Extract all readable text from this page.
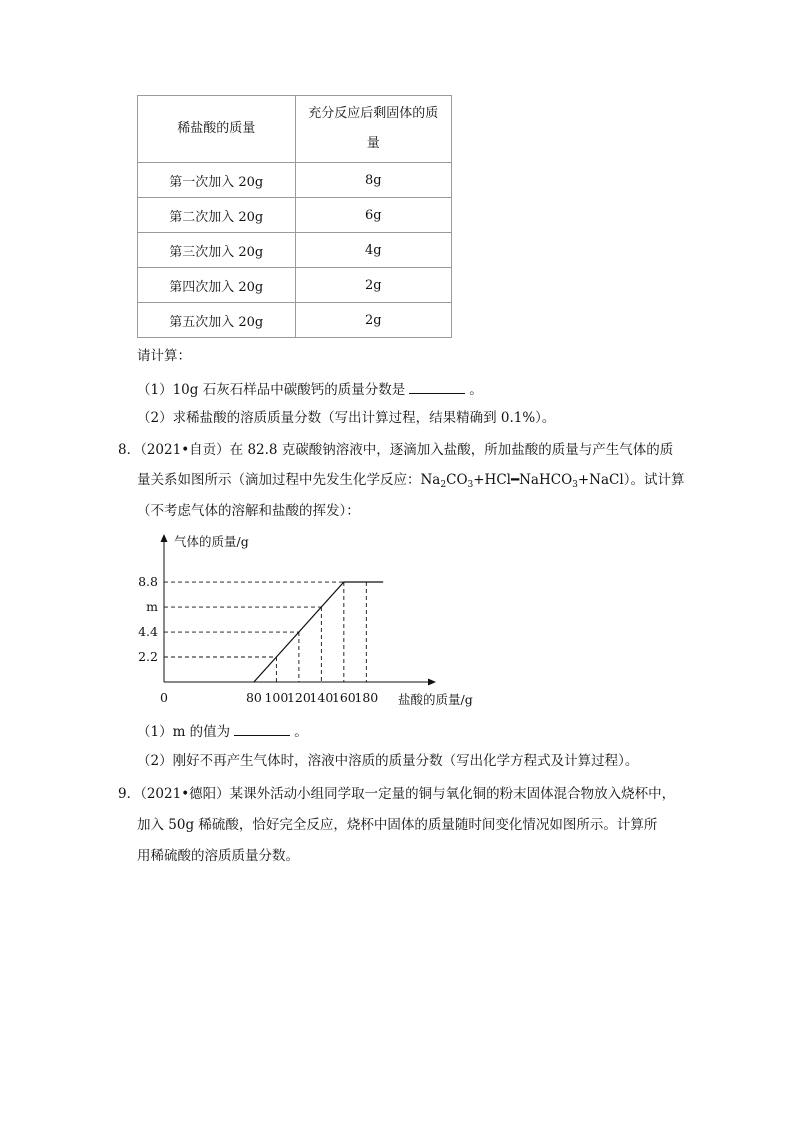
稀盐酸的质量	充分反应后剩固体的质
量
第一次加入 20g	8g
第二次加入 20g	6g
第三次加入 20g	4g
第四次加入 20g	2g
第五次加入 20g	2g
请计算：
（1）10g 石灰石样品中碳酸钙的质量分数是	。
（2）求稀盐酸的溶质质量分数（写出计算过程，结果精确到 0.1%）。
8．（2021•自贡）在 82.8 克碳酸钠溶液中，逐滴加入盐酸，所加盐酸的质量与产生气体的质
量关系如图所示（滴加过程中先发生化学反应：$Na_2CO_3+HCl━NaHCO_3+NaCl$）。试计算
（不考虑气体的溶解和盐酸的挥发）：
2.2
m
4.4
8.8
80 100
120
140
160
180
0
气体的质量/g
盐酸的质量/g
（1）m 的值为	。
（2）刚好不再产生气体时，溶液中溶质的质量分数（写出化学方程式及计算过程）。
9．（2021•德阳）某课外活动小组同学取一定量的铜与氧化铜的粉末固体混合物放入烧杯中，
加入 50g 稀硫酸，恰好完全反应，烧杯中固体的质量随时间变化情况如图所示。计算所
用稀硫酸的溶质质量分数。
